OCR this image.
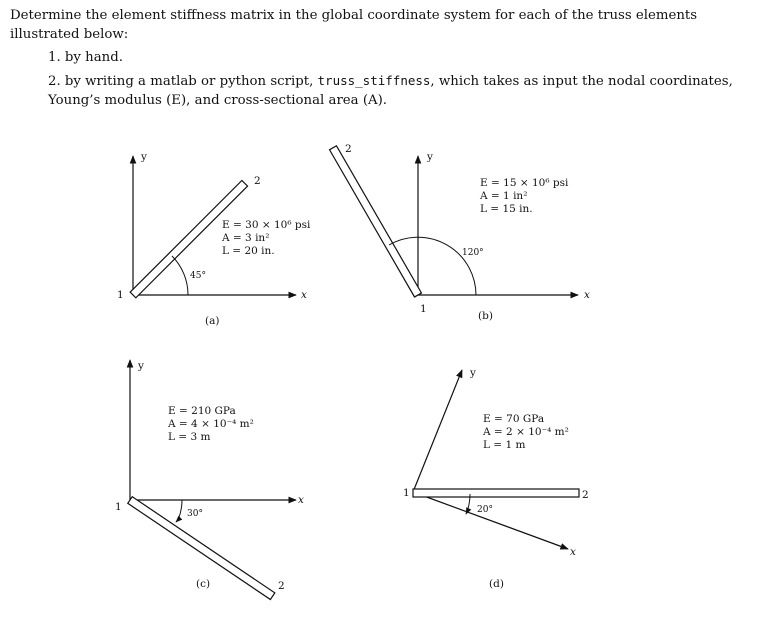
Determine the element stiffness matrix in the global coordinate system for each of the truss elements illustrated below:

1. by hand.
2. by writing a matlab or python script, truss_stiffness, which takes as input the nodal coordinates, Young’s modulus (E), and cross-sectional area (A).
y
x
45°
1
2
E = 30 × 10⁶ psi
A = 3 in²
L = 20 in.
(a)
y
x
120°
1
2
E = 15 × 10⁶ psi
A = 1 in²
L = 15 in.
(b)
y
x
30°
1
2
E = 210 GPa
A = 4 × 10⁻⁴ m²
L = 3 m
(c)
y
x
20°
1	2
E = 70 GPa
A = 2 × 10⁻⁴ m²
L = 1 m
(d)
